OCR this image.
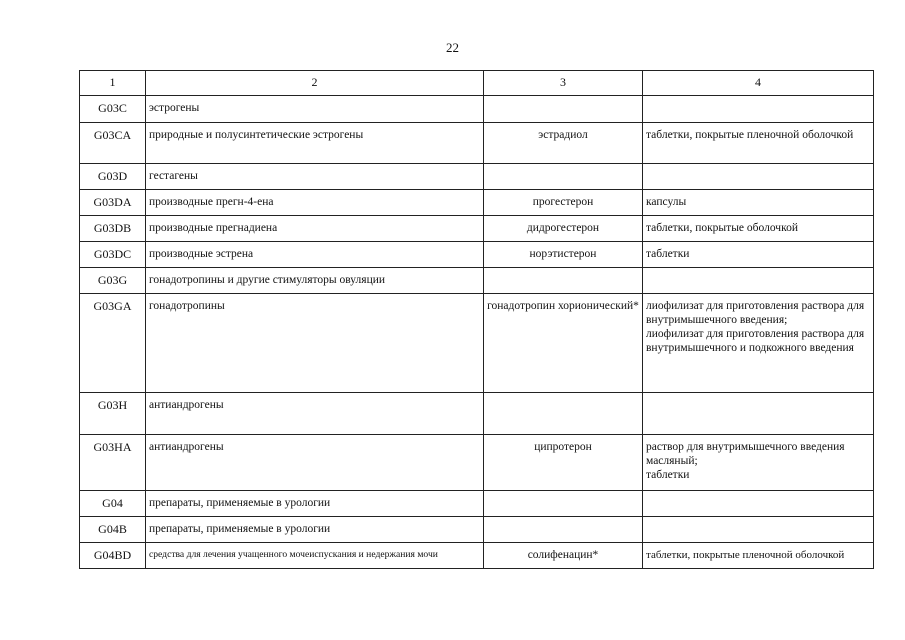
22
1	2	3	4
G03C	эстрогены		
G03CA	природные и полусинтетические эстрогены	эстрадиол	таблетки, покрытые пленочной оболочкой
G03D	гестагены		
G03DA	производные прегн-4-ена	прогестерон	капсулы
G03DB	производные прегнадиена	дидрогестерон	таблетки, покрытые оболочкой
G03DC	производные эстрена	норэтистерон	таблетки
G03G	гонадотропины и другие стимуляторы овуляции		
G03GA	гонадотропины	гонадотропин хорионический*	лиофилизат для приготовления раствора для внутримышечного введения;
лиофилизат для приготовления раствора для внутримышечного и подкожного введения
G03H	антиандрогены		
G03HA	антиандрогены	ципротерон	раствор для внутримышечного введения масляный;
таблетки
G04	препараты, применяемые в урологии		
G04B	препараты, применяемые в урологии		
G04BD	средства для лечения учащенного мочеиспускания и недержания мочи	солифенацин*	таблетки, покрытые пленочной оболочкой
